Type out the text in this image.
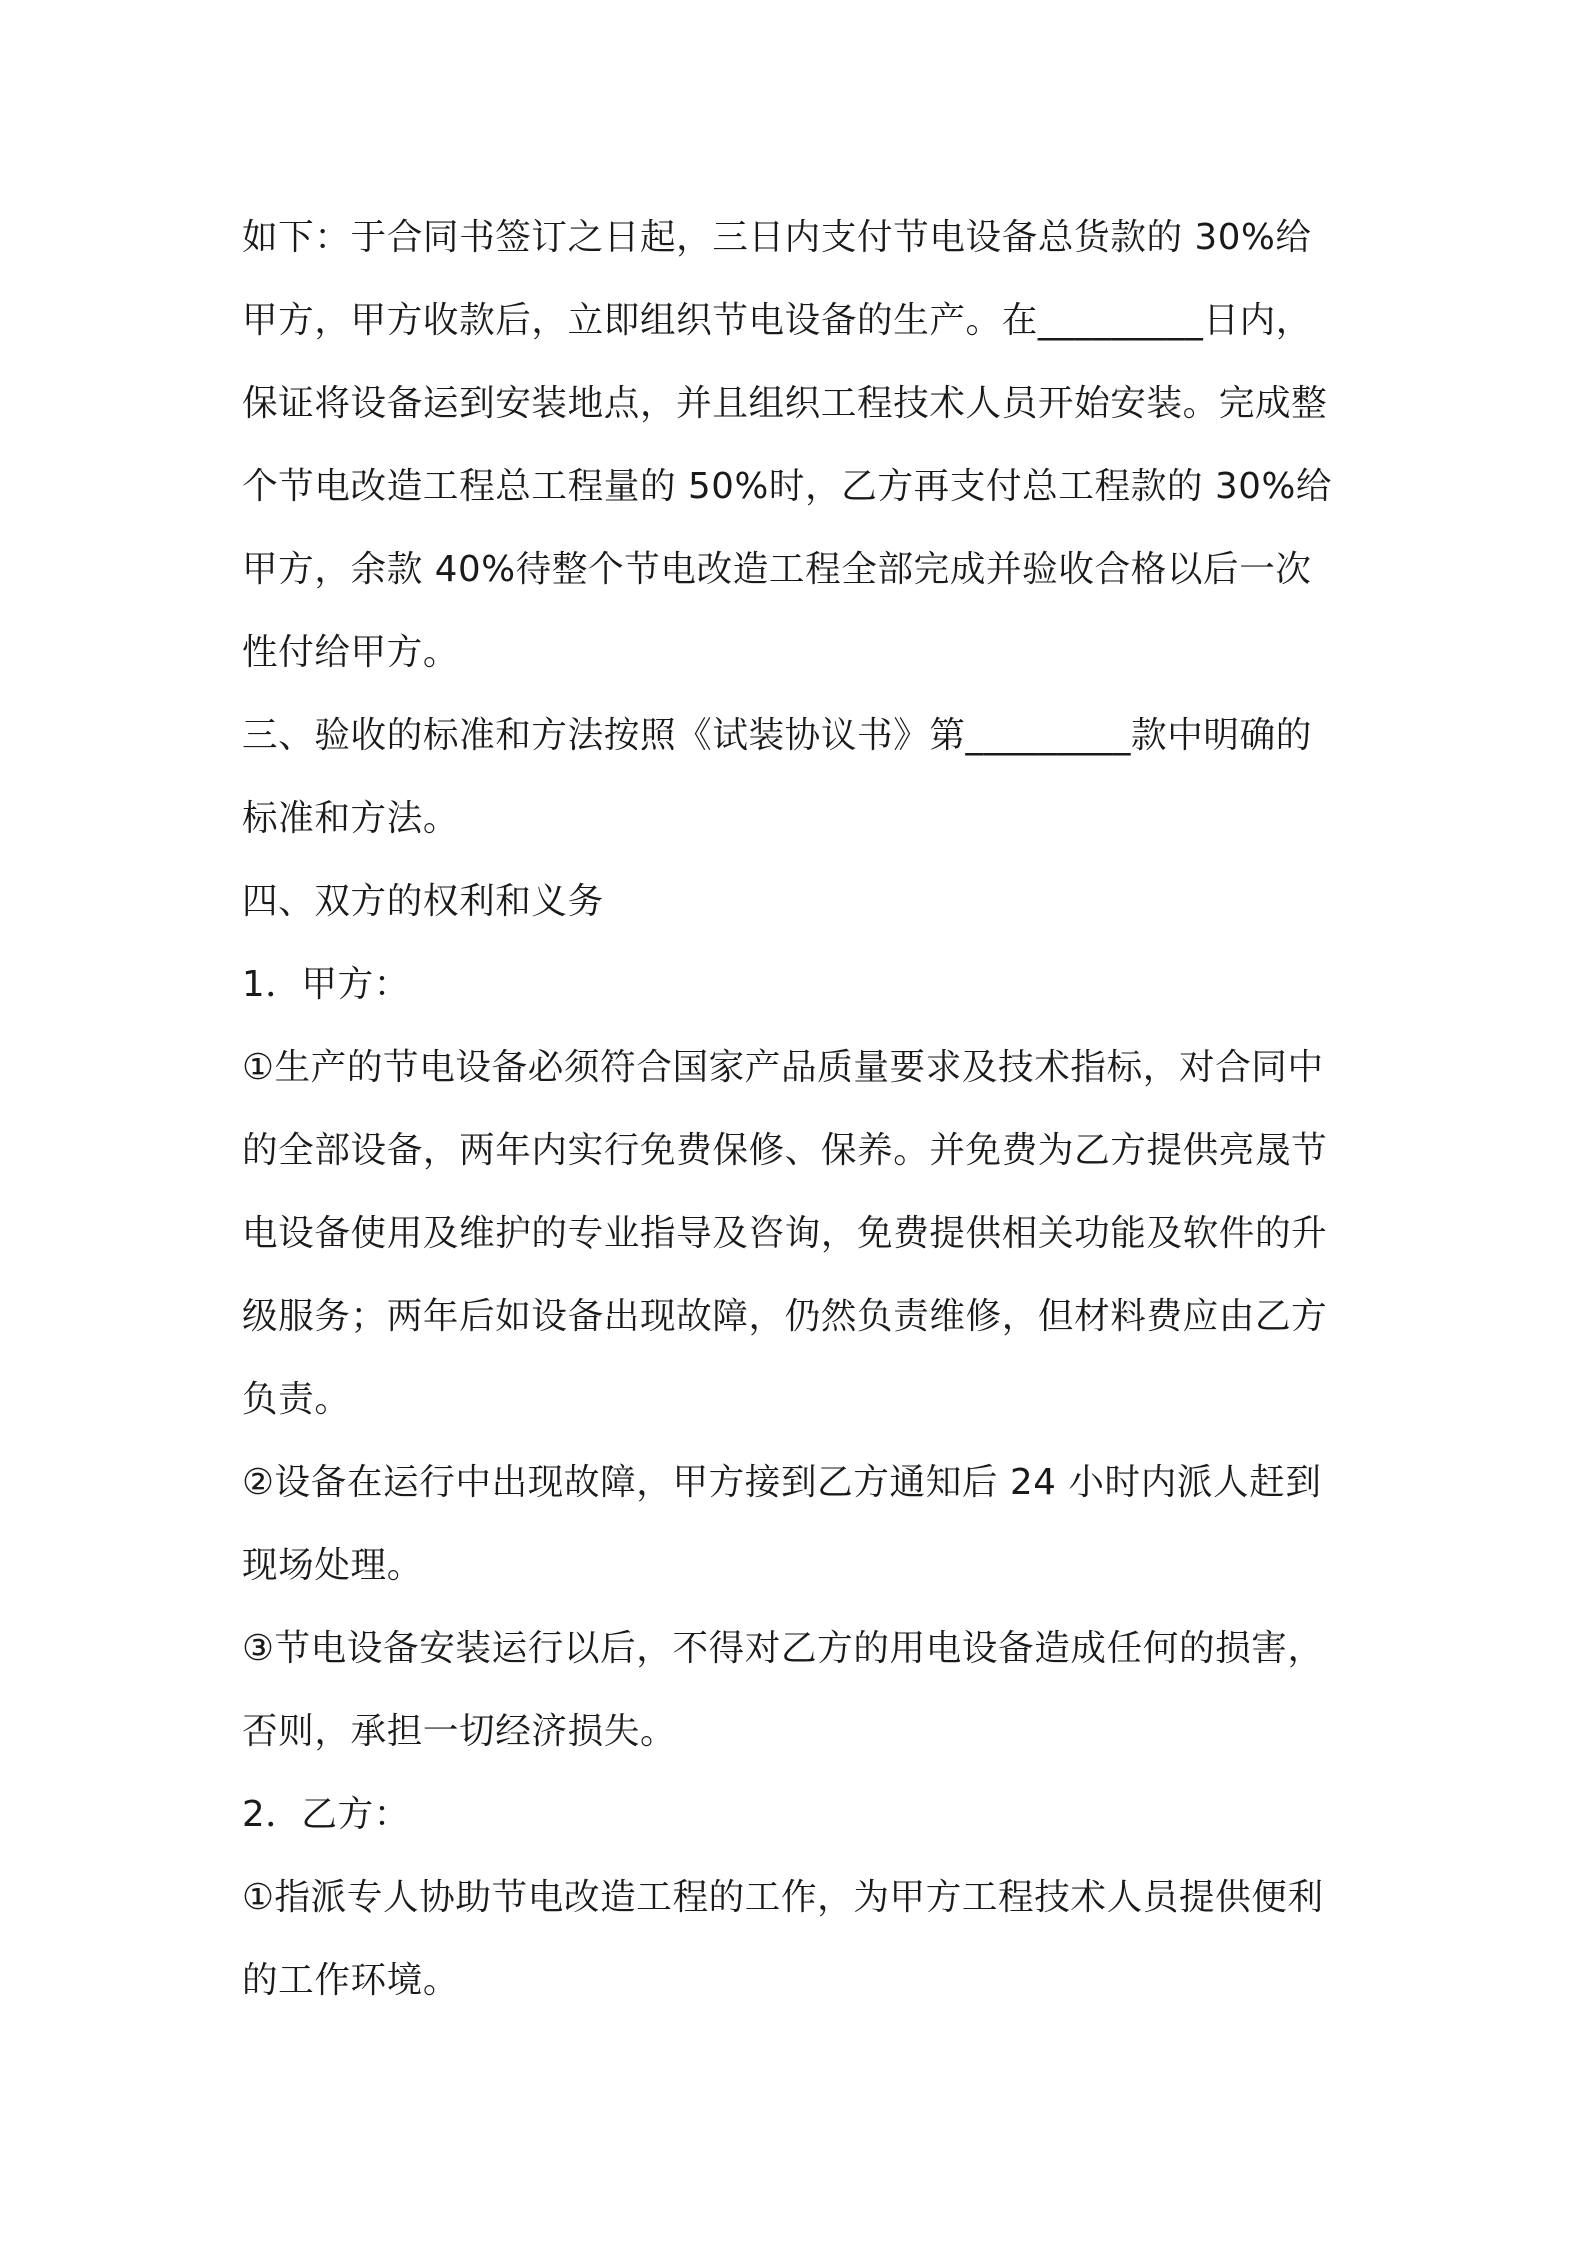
如下：于合同书签订之日起，三日内支付节电设备总货款的 30%给
甲方，甲方收款后，立即组织节电设备的生产。在_________日内，
保证将设备运到安装地点，并且组织工程技术人员开始安装。完成整
个节电改造工程总工程量的 50%时，乙方再支付总工程款的 30%给
甲方，余款 40%待整个节电改造工程全部完成并验收合格以后一次
性付给甲方。
三、验收的标准和方法按照《试装协议书》第_________款中明确的
标准和方法。
四、双方的权利和义务
1．甲方：
①生产的节电设备必须符合国家产品质量要求及技术指标，对合同中
的全部设备，两年内实行免费保修、保养。并免费为乙方提供亮晟节
电设备使用及维护的专业指导及咨询，免费提供相关功能及软件的升
级服务；两年后如设备出现故障，仍然负责维修，但材料费应由乙方
负责。
②设备在运行中出现故障，甲方接到乙方通知后 24 小时内派人赶到
现场处理。
③节电设备安装运行以后，不得对乙方的用电设备造成任何的损害，
否则，承担一切经济损失。
2．乙方：
①指派专人协助节电改造工程的工作，为甲方工程技术人员提供便利
的工作环境。
